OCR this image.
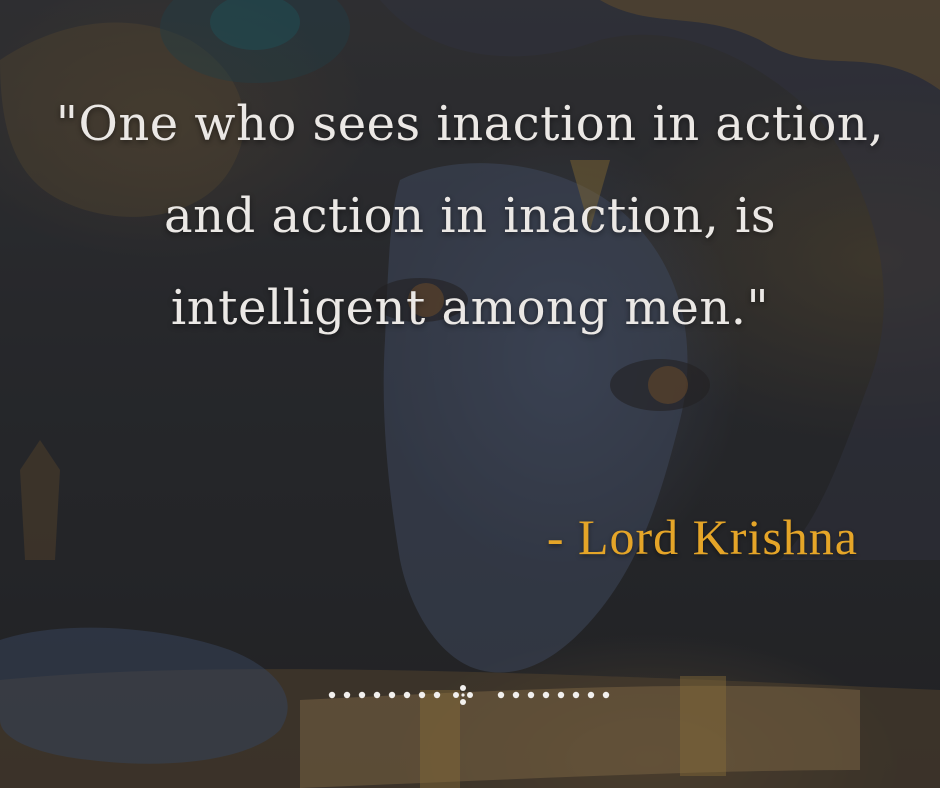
"One who sees inaction in action, and action in inaction, is intelligent among men."

- Lord Krishna
